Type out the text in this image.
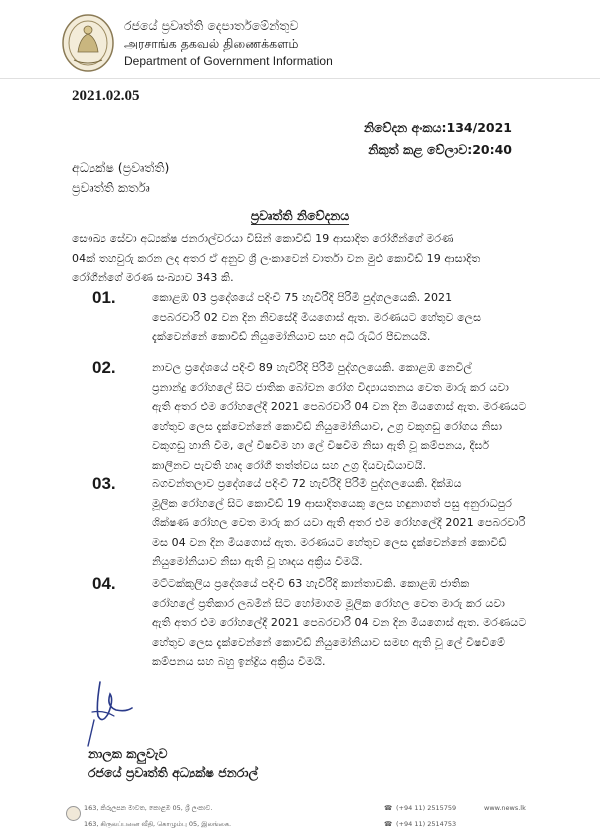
රජයේ ප්‍රවෘත්ති දෙපාර්තමේන්තුව
அரசாங்க தகவல் திணைக்களம்
Department of Government Information
2021.02.05
නිවේදන අංකය:134/2021
නිකුත් කළ වේලාව:20:40
අධ්‍යක්ෂ (ප්‍රවෘත්ති)
ප්‍රවෘත්ති කර්තෘ
ප්‍රවෘත්ති නිවේදනය
සෞඛ්‍ය සේවා අධ්‍යක්ෂ ජනරාල්වරයා විසින් කොවිඩ් 19 ආසාදිත රෝගීන්ගේ මරණ
04ක් තහවුරු කරන ලද අතර ඒ අනුව ශ්‍රී ලංකාවෙන් වාර්තා වන මුළු කොවිඩ් 19 ආසාදිත
රෝගීන්ගේ මරණ සංඛ්‍යාව 343 කි.
01.	කොළඹ 03 ප්‍රදේශයේ පදිංචි 75 හැවිරිදි පිරිමි පුද්ගලයෙකි. 2021
පෙබරවාරි 02 වන දින නිවසේදී මියගොස් ඇත. මරණයට හේතුව ලෙස
දැක්වෙන්නේ කොවිඩ් නියුමෝනියාව සහ අධි රුධිර පීඩනයයි.
02.	නාවල ප්‍රදේශයේ පදිංචි 89 හැවිරිදි පිරිමි පුද්ගලයෙකි. කොළඹ නෙවිල්
ප්‍රනාන්දු රෝහලේ සිට ජාතික බෝවන රෝග විද්‍යායතනය වෙත මාරු කර යවා
ඇති අතර එම රෝහලේදී 2021 පෙබරවාරි 04 වන දින මියගොස් ඇත. මරණයට
හේතුව ලෙස දැක්වෙන්නේ කොවිඩ් නියුමෝනියාව, උග්‍ර වකුගඩු රෝගය නිසා
වකුගඩු හානි වීම, ලේ විෂවීම හා ලේ විෂවීම නිසා ඇති වූ කම්පනය, දීර්ඝ
කාලීනව පැවති හෘද රෝගී තත්ත්වය සහ උග්‍ර දියවැඩියාවයි.
03.	බගවන්තලාව ප්‍රදේශයේ පදිංචි 72 හැවිරිදි පිරිමි පුද්ගලයෙකි. දික්ඔය
මූලික රෝහලේ සිට කොවිඩ් 19 ආසාදිතයෙකු ලෙස හඳුනාගත් පසු අනුරාධපුර
ශික්ෂණ රෝහල වෙත මාරු කර යවා ඇති අතර එම රෝහලේදී 2021 පෙබරවාරි
මස 04 වන දින මියගොස් ඇත. මරණයට හේතුව ලෙස දැක්වෙන්නේ කොවිඩ්
නියුමෝනියාව නිසා ඇති වූ හෘදය අක්‍රිය වීමයි.
04.	මට්ටක්කුලිය ප්‍රදේශයේ පදිංචි 63 හැවිරිදි කාන්තාවකි. කොළඹ ජාතික
රෝහලේ ප්‍රතිකාර ලබමින් සිට හෝමාගම මූලික රෝහල වෙත මාරු කර යවා
ඇති අතර එම රෝහලේදී 2021 පෙබරවාරි 04 වන දින මියගොස් ඇත. මරණයට
හේතුව ලෙස දැක්වෙන්නේ කොවිඩ් නියුමෝනියාව සමඟ ඇති වූ ලේ විෂවීමේ
කම්පනය සහ බහු ඉන්ද්‍රිය අක්‍රිය වීමයි.
නාලක කලුවැව
රජයේ ප්‍රවෘත්ති අධ්‍යක්ෂ ජනරාල්
163, කිරුලපන මාවත, කොළඹ 05, ශ්‍රී ලංකාව.
163, கிருலப்பனை வீதி, கொழும்பு 05, இலங்கை.
☎ (+94 11) 2515759
☎ (+94 11) 2514753
www.news.lk
